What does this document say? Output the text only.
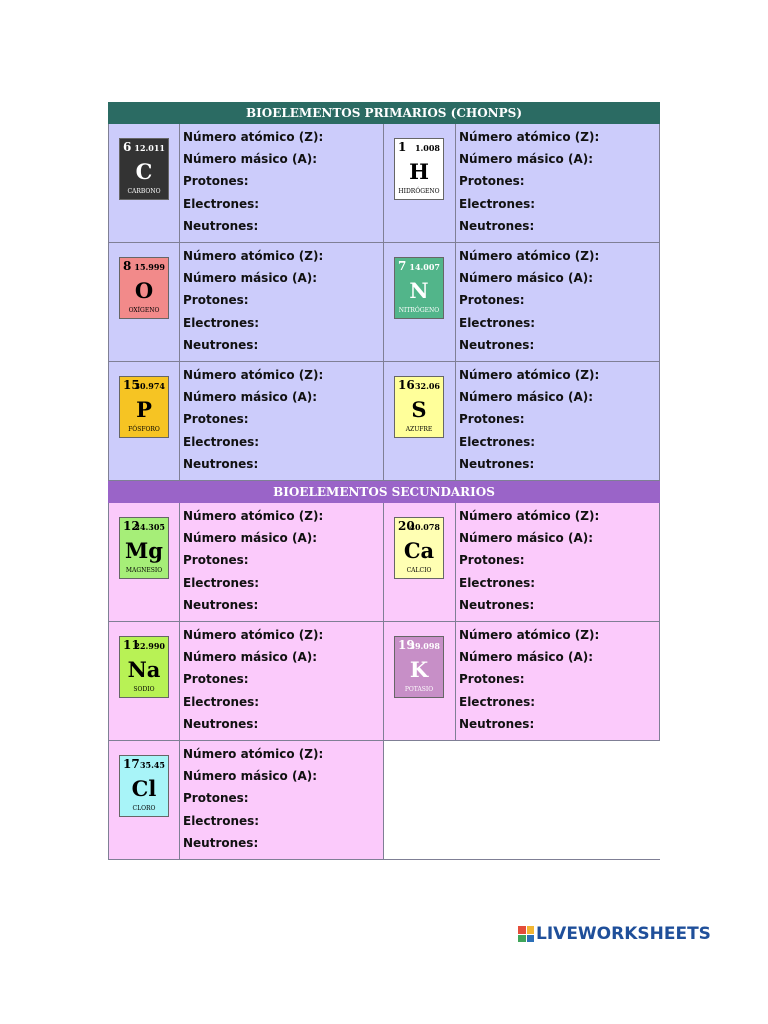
BIOELEMENTOS PRIMARIOS (CHONPS)
6 12.011
C
CARBONO
Número atómico (Z):
Número másico (A):
Protones:
Electrones:
Neutrones:
1 1.008
H
HIDRÓGENO
Número atómico (Z):
Número másico (A):
Protones:
Electrones:
Neutrones:
8 15.999
O
OXÍGENO
Número atómico (Z):
Número másico (A):
Protones:
Electrones:
Neutrones:
7 14.007
N
NITRÓGENO
Número atómico (Z):
Número másico (A):
Protones:
Electrones:
Neutrones:
15
30.974
P
FÓSFORO
Número atómico (Z):
Número másico (A):
Protones:
Electrones:
Neutrones:
16 32.06
S
AZUFRE
Número atómico (Z):
Número másico (A):
Protones:
Electrones:
Neutrones:
BIOELEMENTOS SECUNDARIOS
12
24.305
Mg
MAGNESIO
Número atómico (Z):
Número másico (A):
Protones:
Electrones:
Neutrones:
20
40.078
Ca
CALCIO
Número atómico (Z):
Número másico (A):
Protones:
Electrones:
Neutrones:
11
22.990
Na
SODIO
Número atómico (Z):
Número másico (A):
Protones:
Electrones:
Neutrones:
19
39.098
K
POTASIO
Número atómico (Z):
Número másico (A):
Protones:
Electrones:
Neutrones:
17 35.45
Cl
CLORO
Número atómico (Z):
Número másico (A):
Protones:
Electrones:
Neutrones:
LIVEWORKSHEETS
